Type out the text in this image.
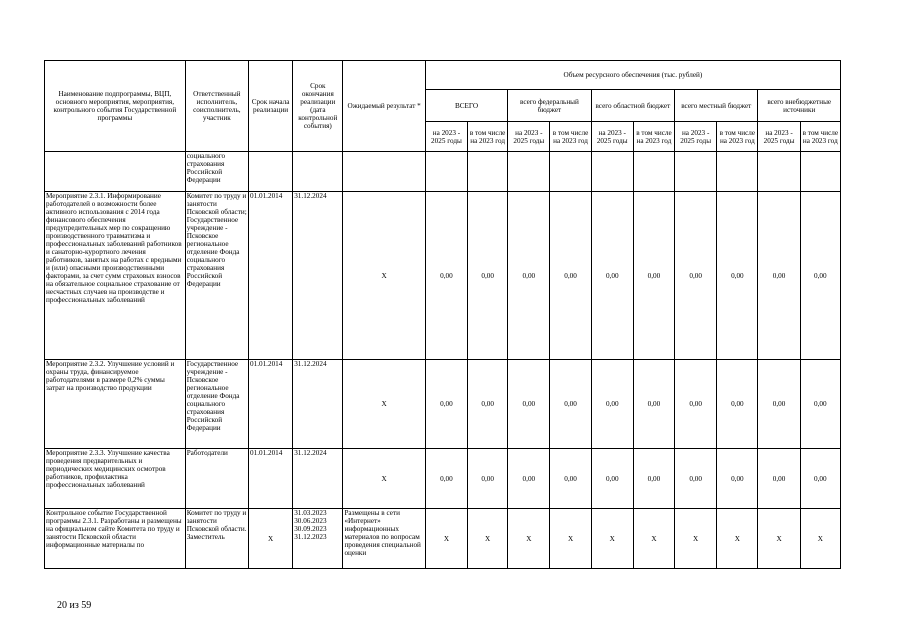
Наименование подпрограммы, ВЦП, основного мероприятия, мероприятия, контрольного события Государственной программы	Ответственный исполнитель, соисполнитель, участник	Срок начала реализации	Срок окончания реализации (дата контрольной события)	Ожидаемый результат *	Объем ресурсного обеспечения (тыс. рублей)									
					ВСЕГО		всего федеральный бюджет		всего областной бюджет		всего местный бюджет		всего внебюджетные источники	
					на 2023 - 2025 годы	в том числе на 2023 год	на 2023 - 2025 годы	в том числе на 2023 год	на 2023 - 2025 годы	в том числе на 2023 год	на 2023 - 2025 годы	в том числе на 2023 год	на 2023 - 2025 годы	в том числе на 2023 год
	социального
страхования
Российской
Федерации													
Мероприятие 2.3.1. Информирование работодателей о возможности более активного использования с 2014 года финансового обеспечения предупредительных мер по сокращению производственного травматизма и профессиональных заболеваний работников и санаторно-курортного лечения работников, занятых на работах с вредными и (или) опасными производственными факторами, за счет сумм страховых взносов на обязательное социальное страхование от несчастных случаев на производстве и профессиональных заболеваний	Комитет по труду и занятости Псковской области; Государственное учреждение - Псковское региональное отделение Фонда социального страхования Российской Федерации	01.01.2014	31.12.2024	Х	0,00	0,00	0,00	0,00	0,00	0,00	0,00	0,00	0,00	0,00
Мероприятие 2.3.2. Улучшение условий и охраны труда, финансируемое работодателями в размере 0,2% суммы затрат на производство продукции	Государственное учреждение - Псковское региональное отделение Фонда социального страхования Российской Федерации	01.01.2014	31.12.2024	Х	0,00	0,00	0,00	0,00	0,00	0,00	0,00	0,00	0,00	0,00
Мероприятие 2.3.3. Улучшение качества проведения предварительных и периодических медицинских осмотров работников, профилактика профессиональных заболеваний	Работодатели	01.01.2014	31.12.2024	Х	0,00	0,00	0,00	0,00	0,00	0,00	0,00	0,00	0,00	0,00
Контрольное событие Государственной программы 2.3.1. Разработаны и размещены на официальном сайте Комитета по труду и занятости Псковской области информационные материалы по	Комитет по труду и занятости Псковской области. Заместитель	Х	31.03.2023
30.06.2023
30.09.2023
31.12.2023	Размещены в сети «Интернет» информационных материалов по вопросам проведения специальной оценки	Х	Х	Х	Х	Х	Х	Х	Х	Х	Х
20 из 59
